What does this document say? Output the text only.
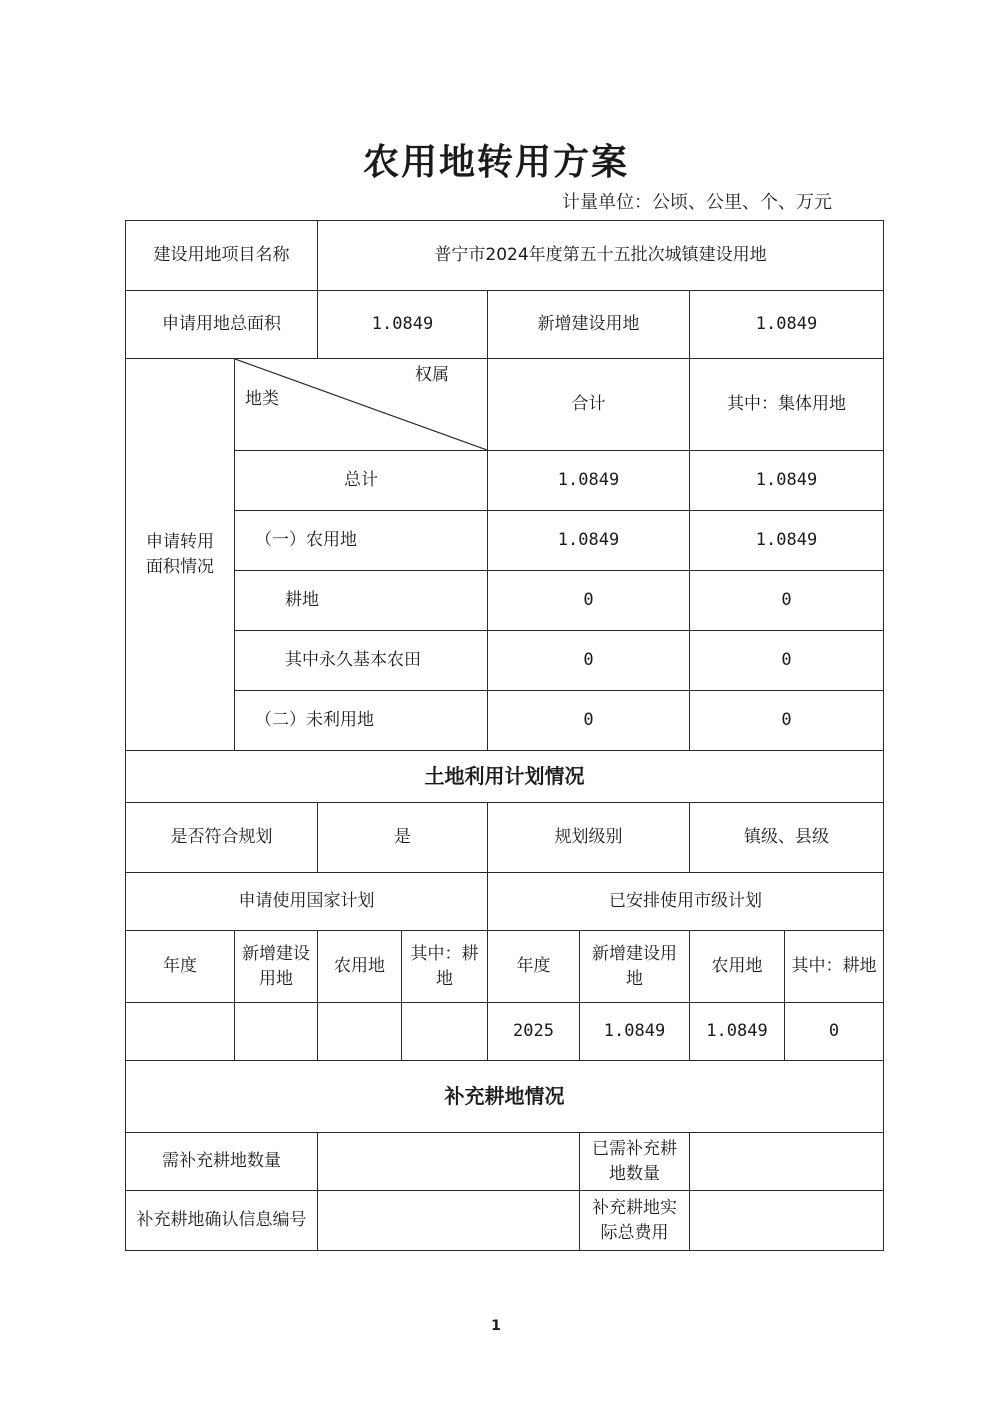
农用地转用方案
计量单位：公顷、公里、个、万元
建设用地项目名称		普宁市2024年度第五十五批次城镇建设用地					
申请用地总面积		1.0849		新增建设用地		1.0849	
申请转用面积情况	权属
地类			合计		其中：集体用地	
	总计			1.0849		1.0849	
	（一）农用地			1.0849		1.0849	
	耕地			0		0	
	其中永久基本农田			0		0	
	（二）未利用地			0		0	
土地利用计划情况							
是否符合规划		是		规划级别		镇级、县级	
申请使用国家计划				已安排使用市级计划			
年度	新增建设用地	农用地	其中：耕地	年度	新增建设用地	农用地	其中：耕地
				2025	1.0849	1.0849	0
补充耕地情况							
需补充耕地数量					已需补充耕地数量		
补充耕地确认信息编号					补充耕地实际总费用		
1
